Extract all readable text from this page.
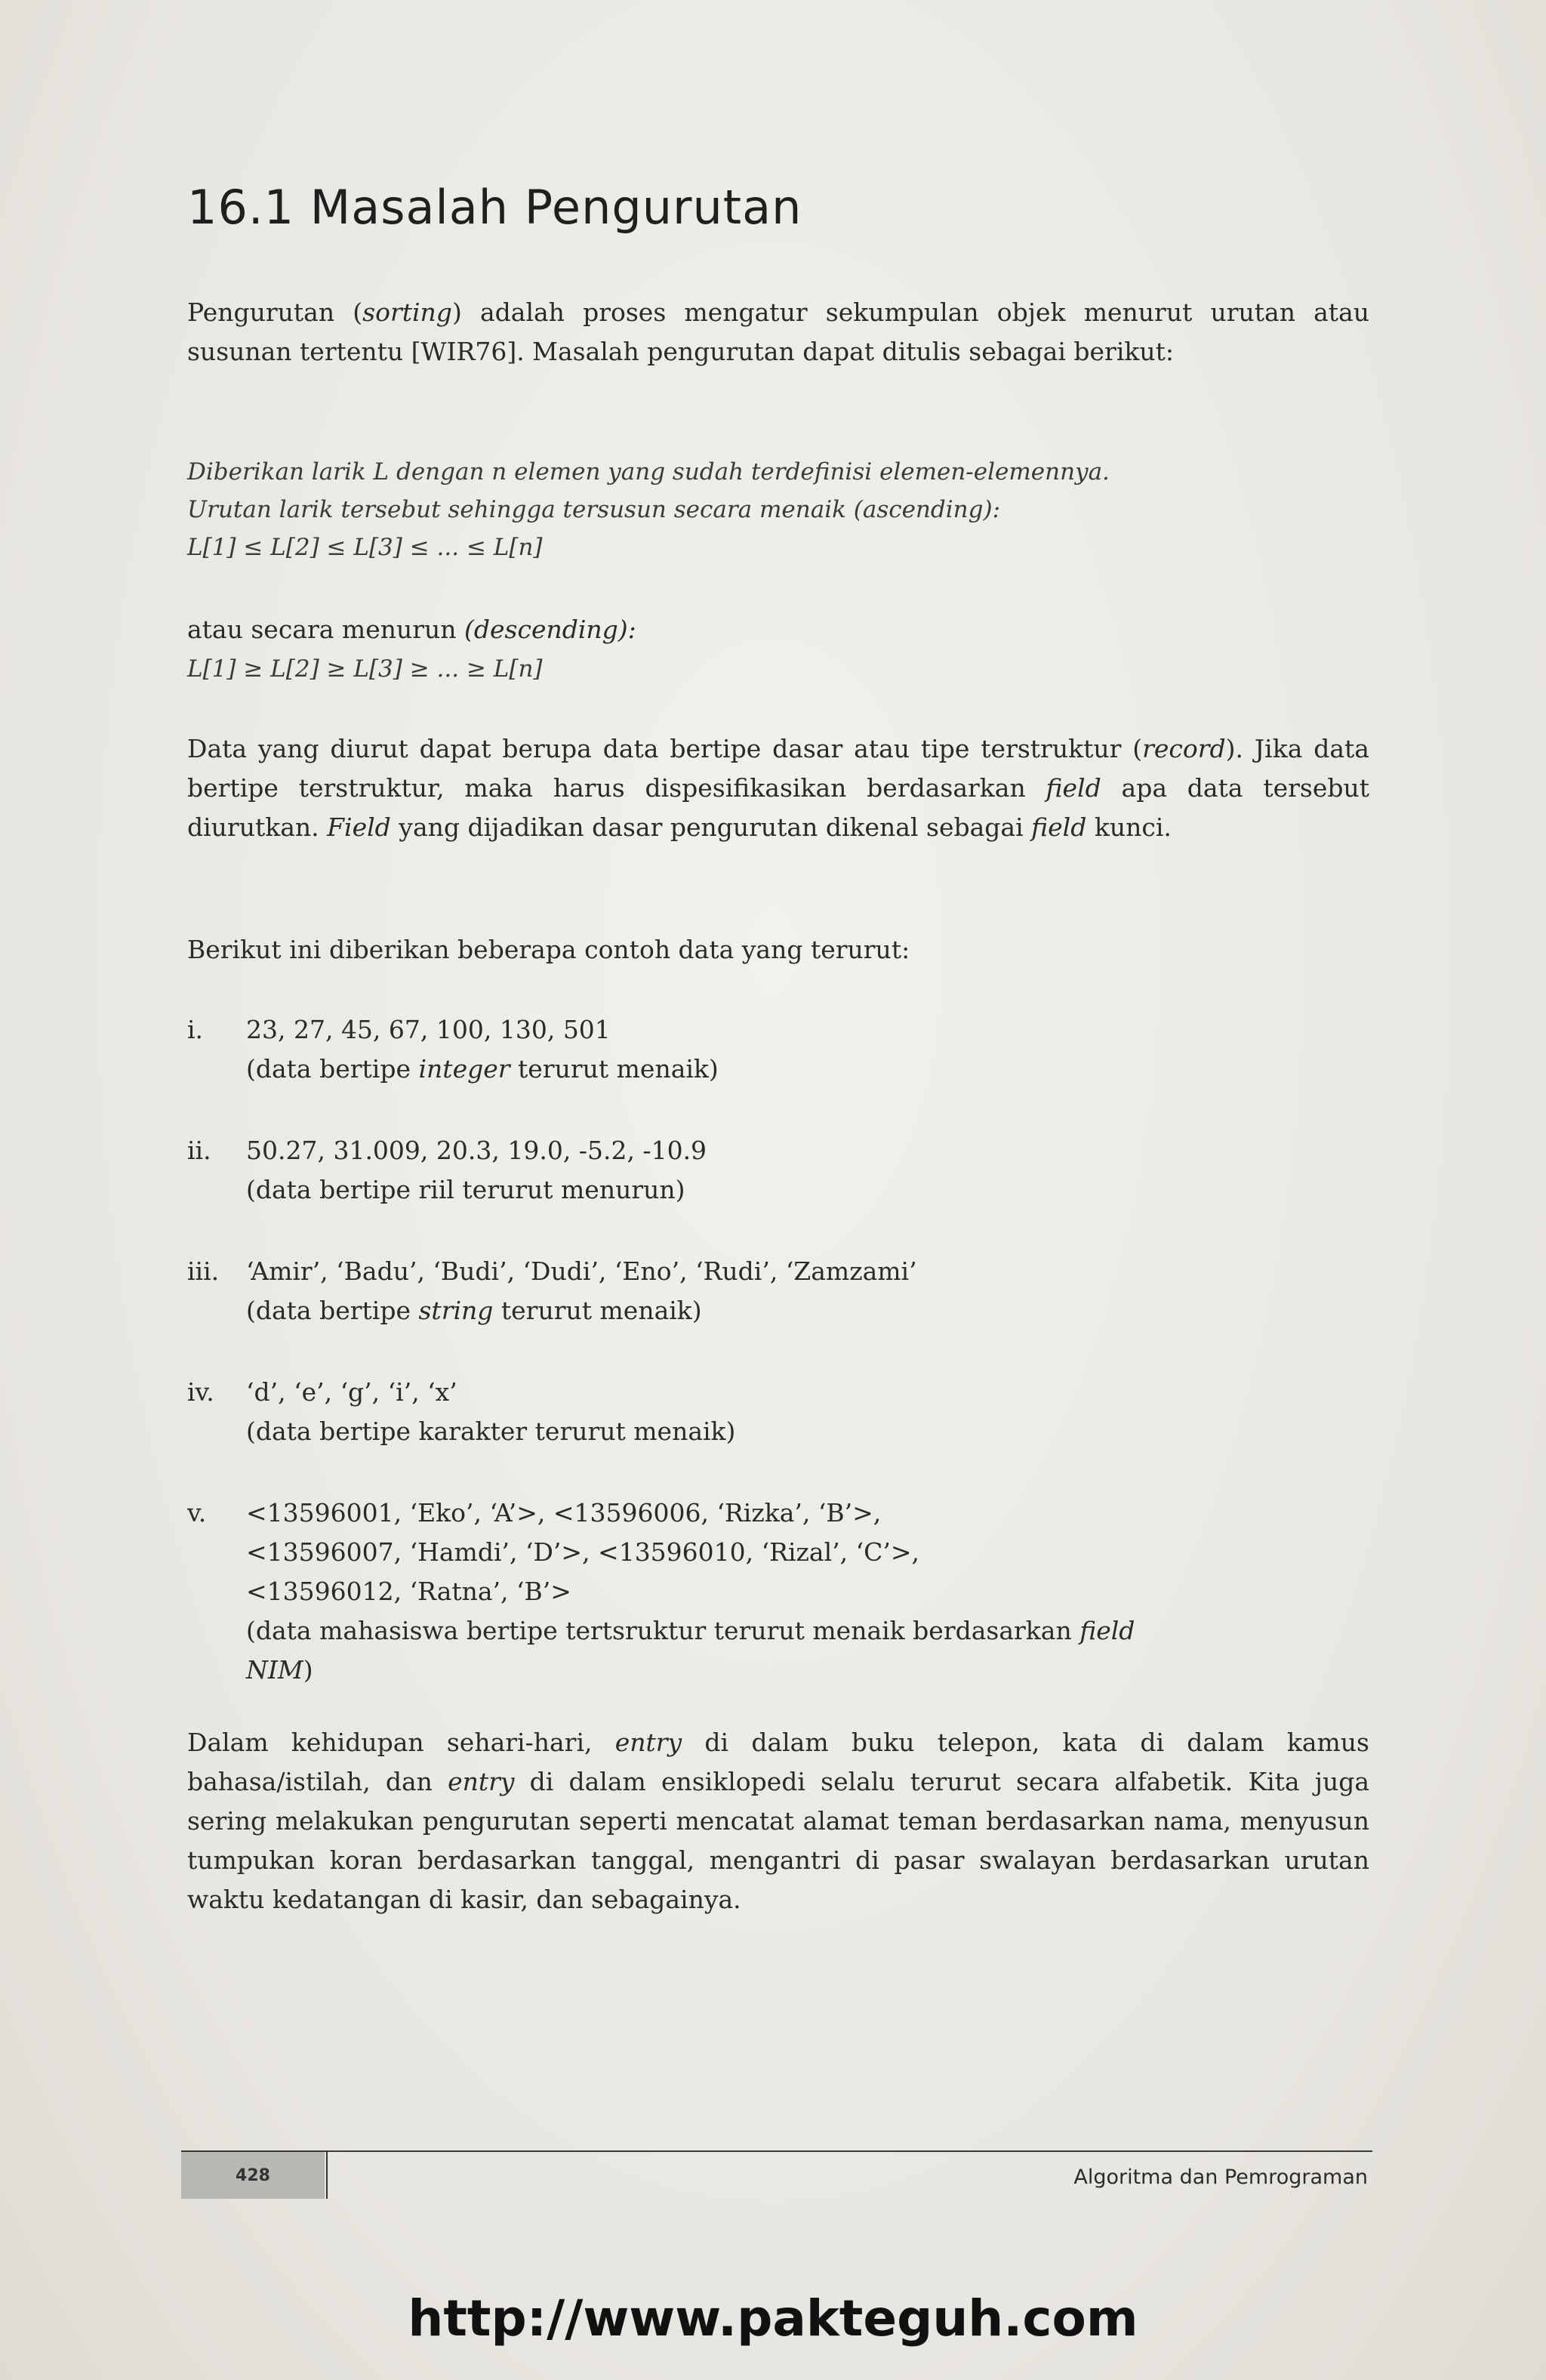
16.1 Masalah Pengurutan

Pengurutan (sorting) adalah proses mengatur sekumpulan objek menurut urutan atau susunan tertentu [WIR76]. Masalah pengurutan dapat ditulis sebagai berikut:

Diberikan larik L dengan n elemen yang sudah terdefinisi elemen-elemennya.
Urutan larik tersebut sehingga tersusun secara menaik (ascending):
L[1] ≤ L[2] ≤ L[3] ≤ ... ≤ L[n]
atau secara menurun (descending):
L[1] ≥ L[2] ≥ L[3] ≥ ... ≥ L[n]

Data yang diurut dapat berupa data bertipe dasar atau tipe terstruktur (record). Jika data bertipe terstruktur, maka harus dispesifikasikan berdasarkan field apa data tersebut diurutkan. Field yang dijadikan dasar pengurutan dikenal sebagai field kunci.

Berikut ini diberikan beberapa contoh data yang terurut:
i.	23, 27, 45, 67, 100, 130, 501
(data bertipe integer terurut menaik)
ii.	50.27, 31.009, 20.3, 19.0, -5.2, -10.9
(data bertipe riil terurut menurun)
iii.	‘Amir’, ‘Badu’, ‘Budi’, ‘Dudi’, ‘Eno’, ‘Rudi’, ‘Zamzami’
(data bertipe string terurut menaik)
iv.	‘d’, ‘e’, ‘g’, ‘i’, ‘x’
(data bertipe karakter terurut menaik)
v.	<13596001, ‘Eko’, ‘A’>, <13596006, ‘Rizka’, ‘B’>,
<13596007, ‘Hamdi’, ‘D’>, <13596010, ‘Rizal’, ‘C’>,
<13596012, ‘Ratna’, ‘B’>
(data mahasiswa bertipe tertsruktur terurut menaik berdasarkan field
NIM)

Dalam kehidupan sehari-hari, entry di dalam buku telepon, kata di dalam kamus bahasa/istilah, dan entry di dalam ensiklopedi selalu terurut secara alfabetik. Kita juga sering melakukan pengurutan seperti mencatat alamat teman berdasarkan nama, menyusun tumpukan koran berdasarkan tanggal, mengantri di pasar swalayan berdasarkan urutan waktu kedatangan di kasir, dan sebagainya.

428	Algoritma dan Pemrograman
http://www.pakteguh.com
